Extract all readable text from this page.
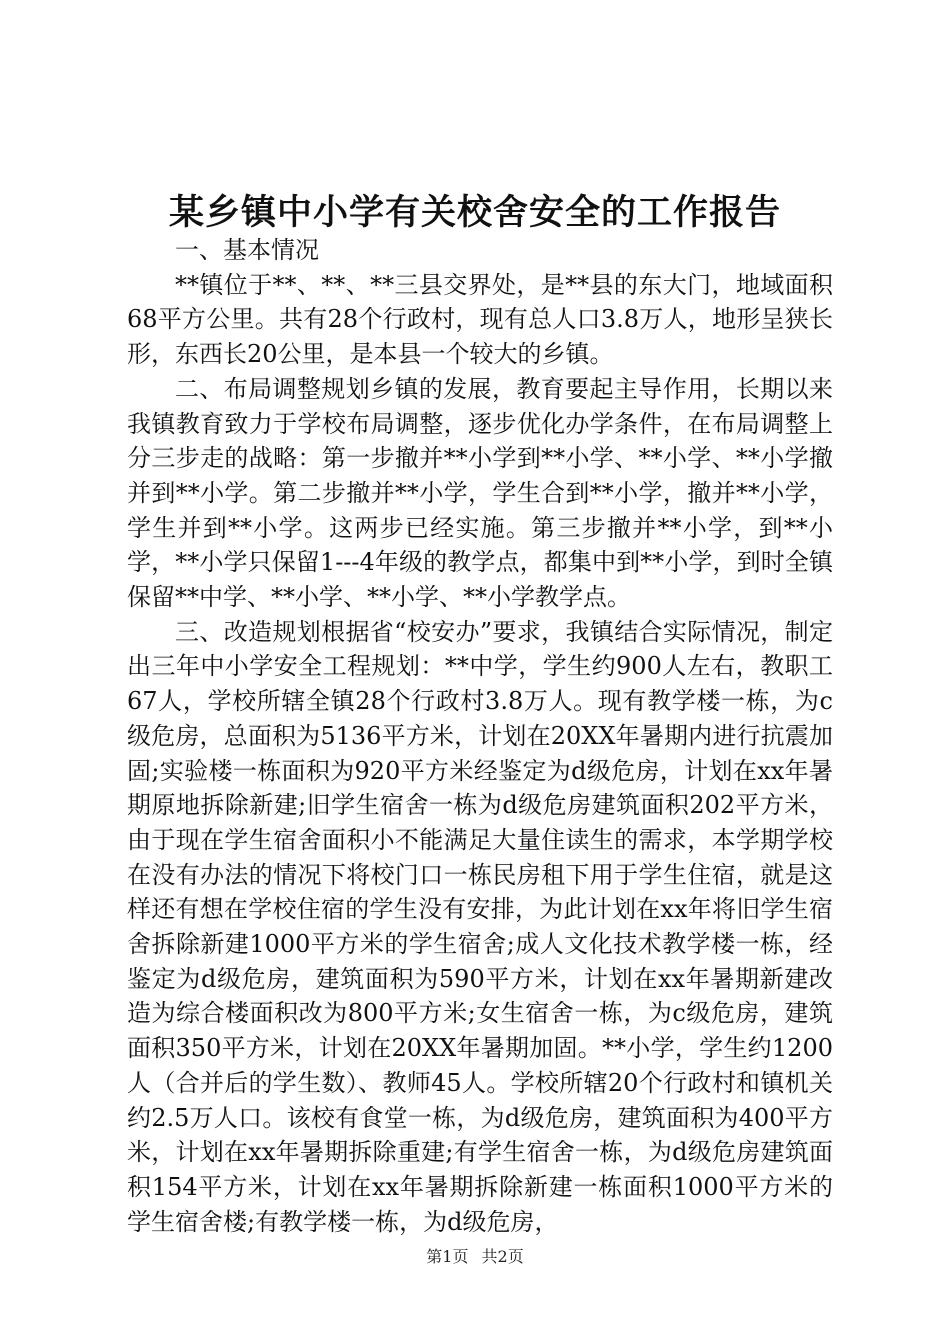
某乡镇中小学有关校舍安全的工作报告

一、基本情况

**镇位于**、**、**三县交界处，是**县的东大门，地域面积68平方公里。共有28个行政村，现有总人口3.8万人，地形呈狭长形，东西长20公里，是本县一个较大的乡镇。

二、布局调整规划乡镇的发展，教育要起主导作用，长期以来我镇教育致力于学校布局调整，逐步优化办学条件，在布局调整上分三步走的战略：第一步撤并**小学到**小学、**小学、**小学撤并到**小学。第二步撤并**小学，学生合到**小学，撤并**小学，学生并到**小学。这两步已经实施。第三步撤并**小学，到**小学，**小学只保留1---4年级的教学点，都集中到**小学，到时全镇保留**中学、**小学、**小学、**小学教学点。

三、改造规划根据省“校安办”要求，我镇结合实际情况，制定出三年中小学安全工程规划：**中学，学生约900人左右，教职工67人，学校所辖全镇28个行政村3.8万人。现有教学楼一栋，为c级危房，总面积为5136平方米，计划在20XX年暑期内进行抗震加固;实验楼一栋面积为920平方米经鉴定为d级危房，计划在xx年暑期原地拆除新建;旧学生宿舍一栋为d级危房建筑面积202平方米，由于现在学生宿舍面积小不能满足大量住读生的需求，本学期学校在没有办法的情况下将校门口一栋民房租下用于学生住宿，就是这样还有想在学校住宿的学生没有安排，为此计划在xx年将旧学生宿舍拆除新建1000平方米的学生宿舍;成人文化技术教学楼一栋，经鉴定为d级危房，建筑面积为590平方米，计划在xx年暑期新建改造为综合楼面积改为800平方米;女生宿舍一栋，为c级危房，建筑面积350平方米，计划在20XX年暑期加固。**小学，学生约1200人（合并后的学生数）、教师45人。学校所辖20个行政村和镇机关约2.5万人口。该校有食堂一栋，为d级危房，建筑面积为400平方米，计划在xx年暑期拆除重建;有学生宿舍一栋，为d级危房建筑面积154平方米，计划在xx年暑期拆除新建一栋面积1000平方米的学生宿舍楼;有教学楼一栋，为d级危房，

第1页 共2页
